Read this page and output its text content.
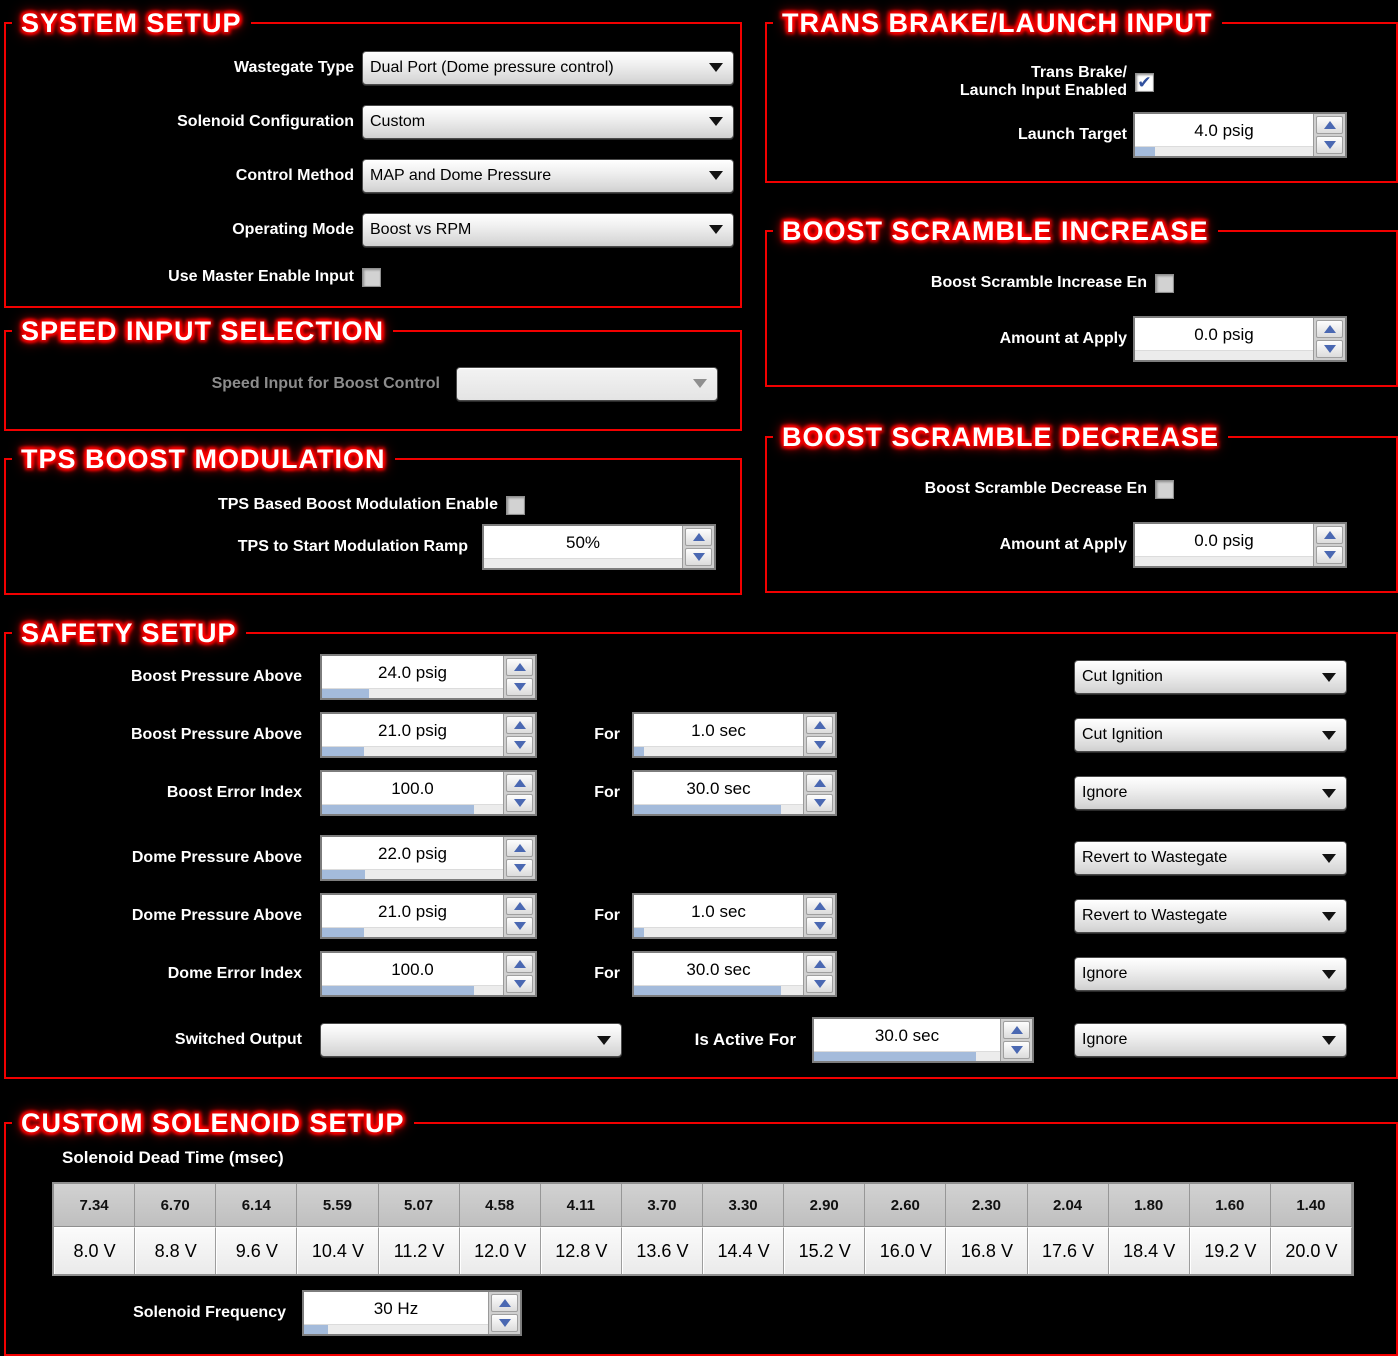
SYSTEM SETUP
Wastegate Type Dual Port (Dome pressure control)
Solenoid Configuration Custom
Control Method MAP and Dome Pressure
Operating Mode Boost vs RPM
Use Master Enable Input
SPEED INPUT SELECTION
Speed Input for Boost Control
TPS BOOST MODULATION
TPS Based Boost Modulation Enable
TPS to Start Modulation Ramp	50%
TRANS BRAKE/LAUNCH INPUT
Trans Brake/
Launch Input Enabled ✔
Launch Target	4.0 psig
BOOST SCRAMBLE INCREASE
Boost Scramble Increase En
Amount at Apply	0.0 psig
BOOST SCRAMBLE DECREASE
Boost Scramble Decrease En
Amount at Apply	0.0 psig
SAFETY SETUP
Boost Pressure Above	24.0 psig	Cut Ignition
Boost Pressure Above	21.0 psig	For	1.0 sec	Cut Ignition
Boost Error Index	100.0	For	30.0 sec	Ignore
Dome Pressure Above	22.0 psig	Revert to Wastegate
Dome Pressure Above	21.0 psig	For	1.0 sec	Revert to Wastegate
Dome Error Index	100.0	For	30.0 sec	Ignore
Switched Output	Is Active For	30.0 sec	Ignore
CUSTOM SOLENOID SETUP
Solenoid Dead Time (msec)
7.34	6.70	6.14	5.59	5.07	4.58	4.11	3.70	3.30	2.90	2.60	2.30	2.04	1.80	1.60	1.40
8.0 V	8.8 V	9.6 V	10.4 V	11.2 V	12.0 V	12.8 V	13.6 V	14.4 V	15.2 V	16.0 V	16.8 V	17.6 V	18.4 V	19.2 V	20.0 V
Solenoid Frequency	30 Hz
